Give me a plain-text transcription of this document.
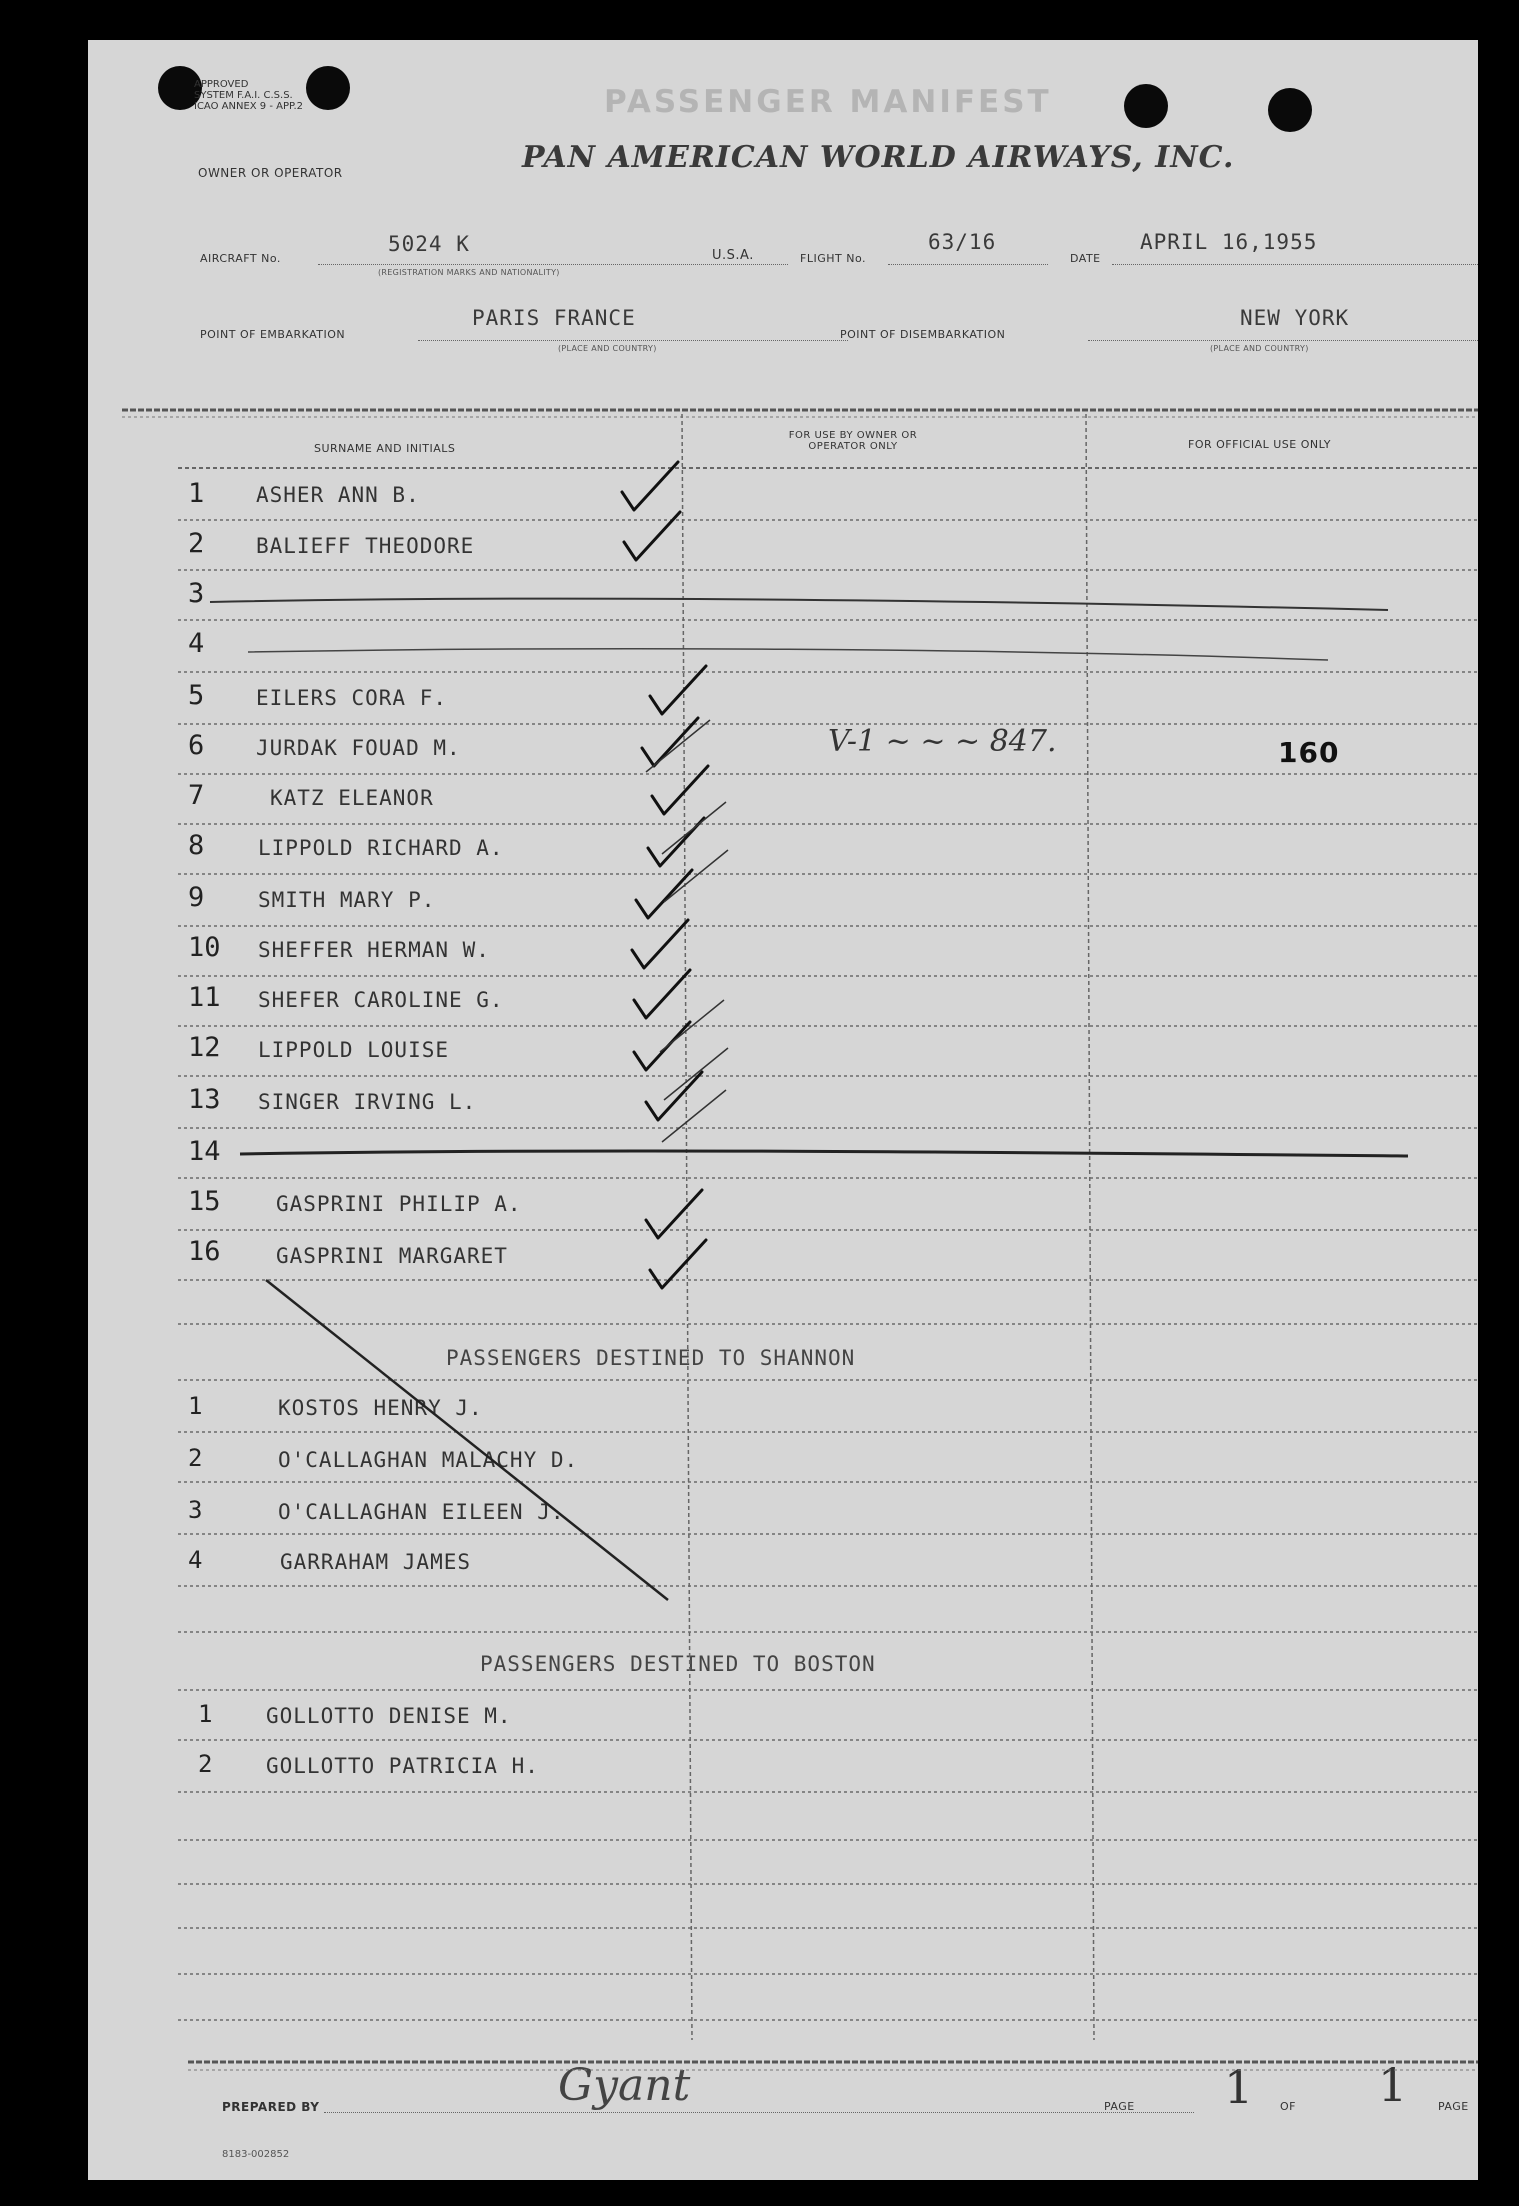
APPROVED
SYSTEM F.A.I. C.S.S.
ICAO ANNEX 9 - APP.2	PASSENGER MANIFEST
OWNER OR OPERATOR	PAN AMERICAN WORLD AIRWAYS, INC.
AIRCRAFT No.
5024 K
(REGISTRATION MARKS AND NATIONALITY)
U.S.A.	FLIGHT No.
63/16
DATE
APRIL 16,1955
POINT OF EMBARKATION
PARIS FRANCE
(PLACE AND COUNTRY)
POINT OF DISEMBARKATION
NEW YORK
(PLACE AND COUNTRY)
SURNAME AND INITIALS
FOR USE BY OWNER OR OPERATOR ONLY	FOR OFFICIAL USE ONLY
1 ASHER ANN B.
2 BALIEFF THEODORE
3
4
5 EILERS CORA F.
6 JURDAK FOUAD M.
7	KATZ ELEANOR
8	LIPPOLD RICHARD A.
9	SMITH MARY P.
10 SHEFFER HERMAN W.
11 SHEFER CAROLINE G.
12 LIPPOLD LOUISE
13 SINGER IRVING L.
14
15	GASPRINI PHILIP A.
16	GASPRINI MARGARET
V-1 ~ ~ ~ 847.	160
PASSENGERS DESTINED TO SHANNON
1	KOSTOS HENRY J.
2	O'CALLAGHAN MALACHY D.
3	O'CALLAGHAN EILEEN J.
4	GARRAHAM JAMES
PASSENGERS DESTINED TO BOSTON
1	GOLLOTTO DENISE M.
2	GOLLOTTO PATRICIA H.
PREPARED BY	Gyant	PAGE 1 OF 1	PAGE
8183-002852
